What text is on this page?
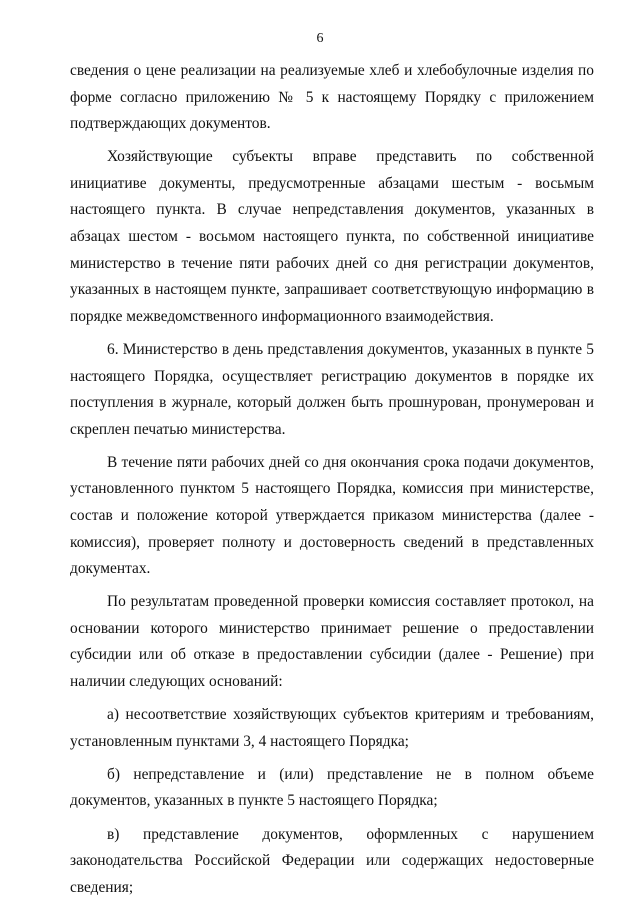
6

сведения о цене реализации на реализуемые хлеб и хлебобулочные изделия по форме согласно приложению № 5 к настоящему Порядку с приложением подтверждающих документов.

Хозяйствующие субъекты вправе представить по собственной инициативе документы, предусмотренные абзацами шестым - восьмым настоящего пункта. В случае непредставления документов, указанных в абзацах шестом - восьмом настоящего пункта, по собственной инициативе министерство в течение пяти рабочих дней со дня регистрации документов, указанных в настоящем пункте, запрашивает соответствующую информацию в порядке межведомственного информационного взаимодействия.

6. Министерство в день представления документов, указанных в пункте 5 настоящего Порядка, осуществляет регистрацию документов в порядке их поступления в журнале, который должен быть прошнурован, пронумерован и скреплен печатью министерства.

В течение пяти рабочих дней со дня окончания срока подачи документов, установленного пунктом 5 настоящего Порядка, комиссия при министерстве, состав и положение которой утверждается приказом министерства (далее - комиссия), проверяет полноту и достоверность сведений в представленных документах.

По результатам проведенной проверки комиссия составляет протокол, на основании которого министерство принимает решение о предоставлении субсидии или об отказе в предоставлении субсидии (далее - Решение) при наличии следующих оснований:

а) несоответствие хозяйствующих субъектов критериям и требованиям, установленным пунктами 3, 4 настоящего Порядка;

б) непредставление и (или) представление не в полном объеме документов, указанных в пункте 5 настоящего Порядка;

в) представление документов, оформленных с нарушением законодательства Российской Федерации или содержащих недостоверные сведения;
